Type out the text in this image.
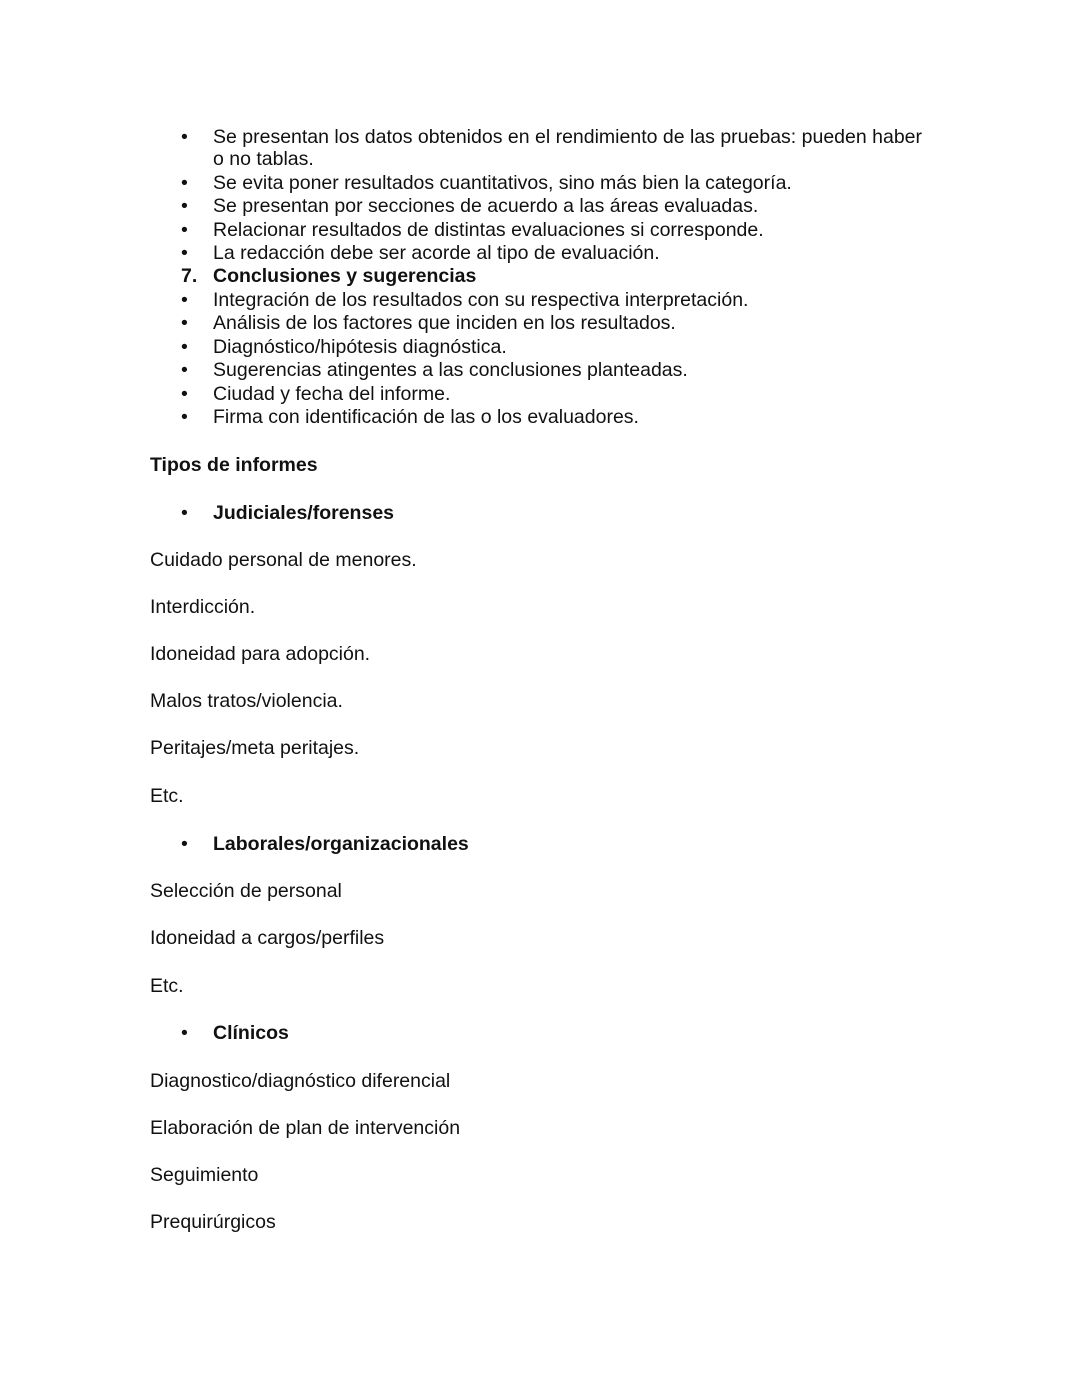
• Se presentan los datos obtenidos en el rendimiento de las pruebas: pueden haber
o no tablas.
• Se evita poner resultados cuantitativos, sino más bien la categoría.
• Se presentan por secciones de acuerdo a las áreas evaluadas.
• Relacionar resultados de distintas evaluaciones si corresponde.
• La redacción debe ser acorde al tipo de evaluación.
7. Conclusiones y sugerencias
• Integración de los resultados con su respectiva interpretación.
• Análisis de los factores que inciden en los resultados.
• Diagnóstico/hipótesis diagnóstica.
• Sugerencias atingentes a las conclusiones planteadas.
• Ciudad y fecha del informe.
• Firma con identificación de las o los evaluadores.
Tipos de informes
• Judiciales/forenses
Cuidado personal de menores.
Interdicción.
Idoneidad para adopción.
Malos tratos/violencia.
Peritajes/meta peritajes.
Etc.
• Laborales/organizacionales
Selección de personal
Idoneidad a cargos/perfiles
Etc.
• Clínicos
Diagnostico/diagnóstico diferencial
Elaboración de plan de intervención
Seguimiento
Prequirúrgicos
